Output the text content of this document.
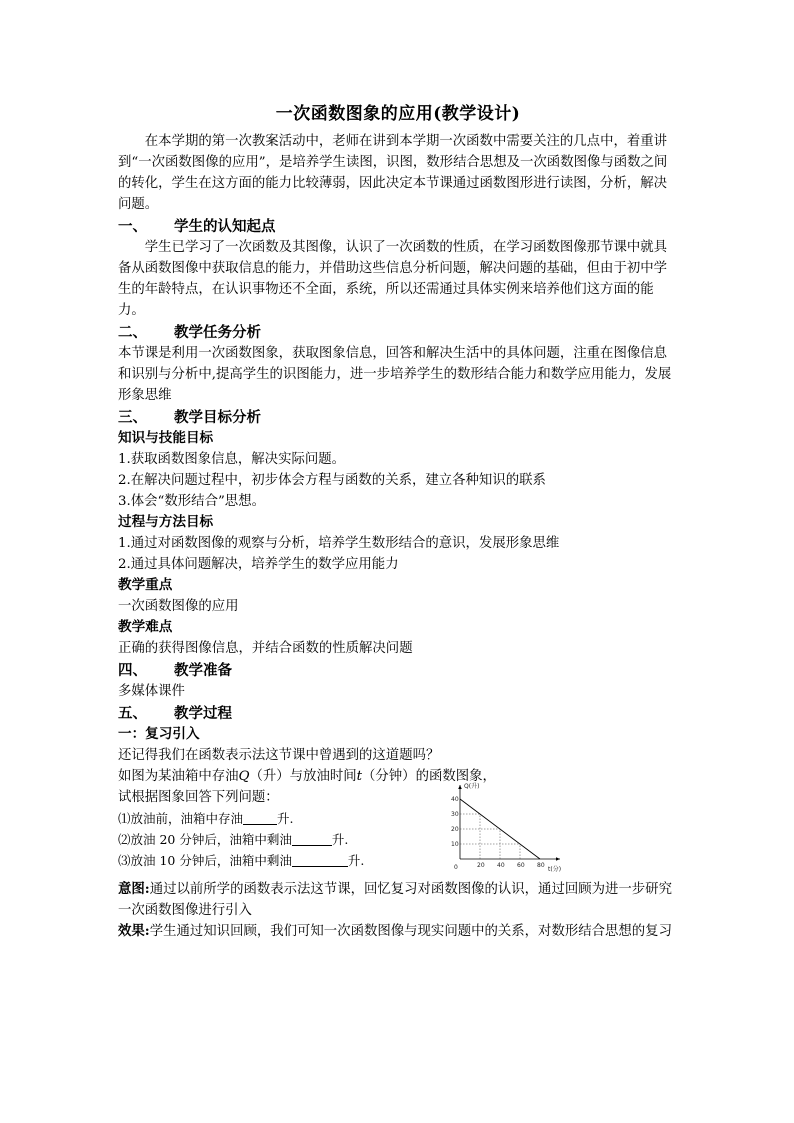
一次函数图象的应用(教学设计)

在本学期的第一次教案活动中，老师在讲到本学期一次函数中需要关注的几点中，着重讲到“一次函数图像的应用”，是培养学生读图，识图，数形结合思想及一次函数图像与函数之间的转化，学生在这方面的能力比较薄弱，因此决定本节课通过函数图形进行读图，分析，解决问题。

一、 学生的认知起点

学生已学习了一次函数及其图像，认识了一次函数的性质，在学习函数图像那节课中就具备从函数图像中获取信息的能力，并借助这些信息分析问题，解决问题的基础，但由于初中学生的年龄特点，在认识事物还不全面，系统，所以还需通过具体实例来培养他们这方面的能力。

二、 教学任务分析

本节课是利用一次函数图象，获取图象信息，回答和解决生活中的具体问题，注重在图像信息和识别与分析中,提高学生的识图能力，进一步培养学生的数形结合能力和数学应用能力，发展形象思维

三、 教学目标分析
知识与技能目标

1.获取函数图象信息，解决实际问题。

2.在解决问题过程中，初步体会方程与函数的关系，建立各种知识的联系

3.体会“数形结合”思想。

过程与方法目标

1.通过对函数图像的观察与分析，培养学生数形结合的意识，发展形象思维

2.通过具体问题解决，培养学生的数学应用能力

教学重点

一次函数图像的应用

教学难点

正确的获得图像信息，并结合函数的性质解决问题

四、 教学准备

多媒体课件

五、 教学过程
一：复习引入

还记得我们在函数表示法这节课中曾遇到的这道题吗？

如图为某油箱中存油Q（升）与放油时间t（分钟）的函数图象，

试根据图象回答下列问题：

⑴放油前，油箱中存油	升.

⑵放油 20 分钟后，油箱中剩油	升.

⑶放油 10 分钟后，油箱中剩油	升.

Q(升)
t(分)
0
10
20
30
40
20 40 60 80

意图:通过以前所学的函数表示法这节课，回忆复习对函数图像的认识，通过回顾为进一步研究一次函数图像进行引入

效果:学生通过知识回顾，我们可知一次函数图像与现实问题中的关系，对数形结合思想的复习
